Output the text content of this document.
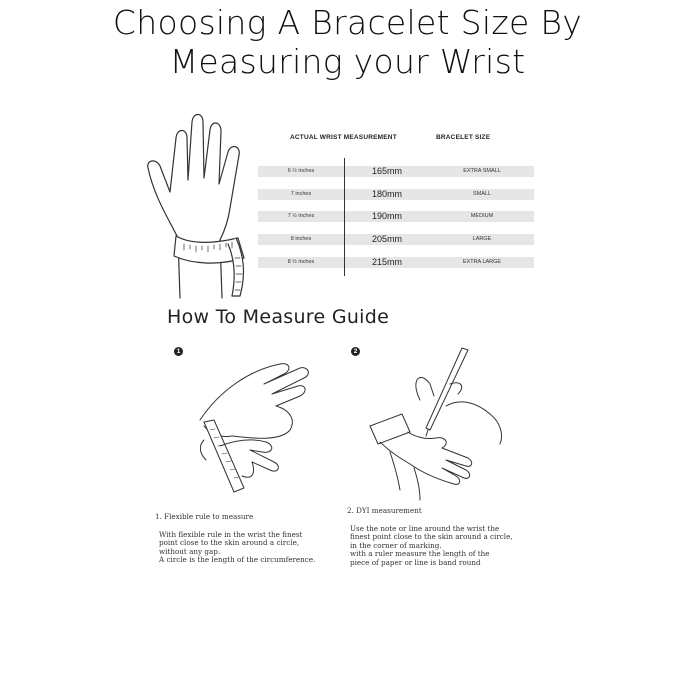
Choosing A Bracelet Size By
Measuring your Wrist
ACTUAL WRIST MEASUREMENT	BRACELET SIZE
6 ½ inches	165mm	EXTRA SMALL
7 inches	180mm	SMALL
7 ½ inches	190mm	MEDIUM
8 inches	205mm	LARGE
8 ½ inches	215mm	EXTRA LARGE
How To Measure Guide
1	2
1. Flexible rule to measure
With flexible rule in the wrist the finest
point close to the skin around a circle,
without any gap.
A circle is the length of the circumference.
2. DYI measurement
Use the note or line around the wrist the
finest point close to the skin around a circle,
in the corner of marking.
with a ruler measure the length of the
piece of paper or line is band round
